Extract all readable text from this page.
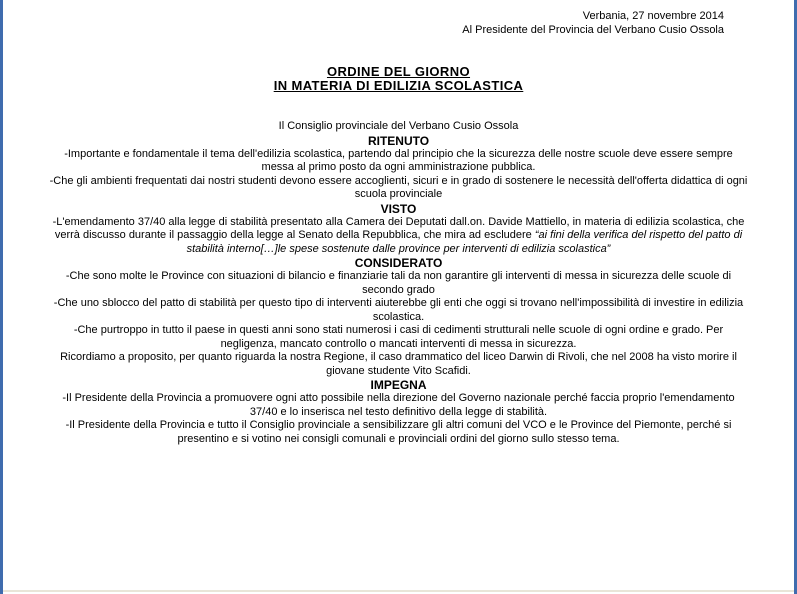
Verbania, 27 novembre 2014
Al Presidente del Provincia del Verbano Cusio Ossola
ORDINE DEL GIORNO
IN MATERIA DI EDILIZIA SCOLASTICA

Il Consiglio provinciale del Verbano Cusio Ossola

RITENUTO

-Importante e fondamentale il tema dell'edilizia scolastica, partendo dal principio che la sicurezza delle nostre scuole deve essere sempre messa al primo posto da ogni amministrazione pubblica.

-Che gli ambienti frequentati dai nostri studenti devono essere accoglienti, sicuri e in grado di sostenere le necessità dell'offerta didattica di ogni scuola provinciale

VISTO

-L'emendamento 37/40 alla legge di stabilità presentato alla Camera dei Deputati dall.on. Davide Mattiello, in materia di edilizia scolastica, che verrà discusso durante il passaggio della legge al Senato della Repubblica, che mira ad escludere “ai fini della verifica del rispetto del patto di stabilità interno[…]le spese sostenute dalle province per interventi di edilizia scolastica”

CONSIDERATO

-Che sono molte le Province con situazioni di bilancio e finanziarie tali da non garantire gli interventi di messa in sicurezza delle scuole di secondo grado

-Che uno sblocco del patto di stabilità per questo tipo di interventi aiuterebbe gli enti che oggi si trovano nell'impossibilità di investire in edilizia scolastica.

-Che purtroppo in tutto il paese in questi anni sono stati numerosi i casi di cedimenti strutturali nelle scuole di ogni ordine e grado. Per negligenza, mancato controllo o mancati interventi di messa in sicurezza.

Ricordiamo a proposito, per quanto riguarda la nostra Regione, il caso drammatico del liceo Darwin di Rivoli, che nel 2008 ha visto morire il giovane studente Vito Scafidi.

IMPEGNA

-Il Presidente della Provincia a promuovere ogni atto possibile nella direzione del Governo nazionale perché faccia proprio l'emendamento 37/40 e lo inserisca nel testo definitivo della legge di stabilità.

-Il Presidente della Provincia e tutto il Consiglio provinciale a sensibilizzare gli altri comuni del VCO e le Province del Piemonte, perché si presentino e si votino nei consigli comunali e provinciali ordini del giorno sullo stesso tema.
